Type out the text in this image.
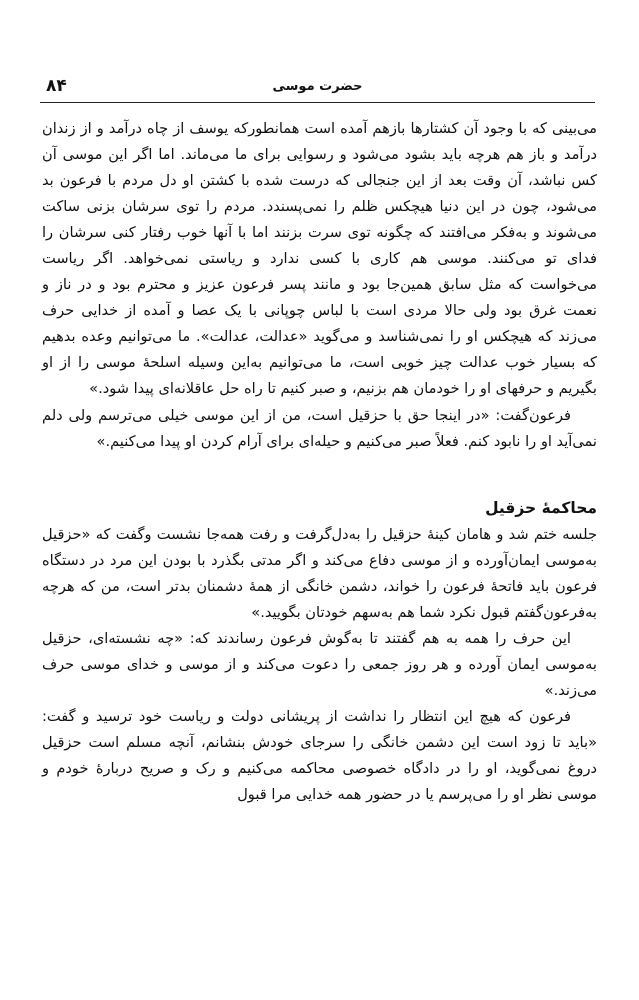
۸۴	حضرت موسی

می‌بینی که با وجود آن کشتارها بازهم آمده است همانطورکه یوسف از چاه درآمد و از زندان درآمد و باز هم هرچه باید بشود می‌شود و رسوایی برای ما می‌ماند. اما اگر این موسی آن کس نباشد، آن وقت بعد از این جنجالی که درست شده با کشتن او دل مردم با فرعون بد می‌شود، چون در این دنیا هیچکس ظلم را نمی‌پسندد. مردم را توی سرشان بزنی ساکت می‌شوند و به‌فکر می‌افتند که چگونه توی سرت بزنند اما با آنها خوب رفتار کنی سرشان را فدای تو می‌کنند. موسی هم کاری با کسی ندارد و ریاستی نمی‌خواهد. اگر ریاست می‌خواست که مثل سابق همین‌جا بود و مانند پسر فرعون عزیز و محترم بود و در ناز و نعمت غرق بود ولی حالا مردی است با لباس چوپانی با یک عصا و آمده از خدایی حرف می‌زند که هیچکس او را نمی‌شناسد و می‌گوید «عدالت، عدالت». ما می‌توانیم وعده بدهیم که بسیار خوب عدالت چیز خوبی است، ما می‌توانیم به‌این وسیله اسلحهٔ موسی را از او بگیریم و حرفهای او را خودمان هم بزنیم، و صبر کنیم تا راه حل عاقلانه‌ای پیدا شود.»

فرعون‌گفت: «در اینجا حق با حزقیل است، من از این موسی خیلی می‌ترسم ولی دلم نمی‌آید او را نابود کنم. فعلاً صبر می‌کنیم و حیله‌ای برای آرام کردن او پیدا می‌کنیم.»

محاکمهٔ حزقیل

جلسه ختم شد و هامان کینهٔ حزقیل را به‌دل‌گرفت و رفت همه‌جا نشست وگفت که «حزقیل به‌موسی ایمان‌آورده و از موسی دفاع می‌کند و اگر مدتی بگذرد با بودن این مرد در دستگاه فرعون باید فاتحهٔ فرعون را خواند، دشمن خانگی از همهٔ دشمنان بدتر است، من که هرچه به‌فرعون‌گفتم قبول نکرد شما هم به‌سهم خودتان بگویید.»

این حرف را همه به هم گفتند تا به‌گوش فرعون رساندند که: «چه نشسته‌ای، حزقیل به‌موسی ایمان آورده و هر روز جمعی را دعوت می‌کند و از موسی و خدای موسی حرف می‌زند.»

فرعون که هیچ این انتظار را نداشت از پریشانی دولت و ریاست خود ترسید و گفت: «باید تا زود است این دشمن خانگی را سرجای خودش بنشانم، آنچه مسلم است حزقیل دروغ نمی‌گوید، او را در دادگاه خصوصی محاکمه می‌کنیم و رک و صریح دربارهٔ خودم و موسی نظر او را می‌پرسم یا در حضور همه خدایی مرا قبول
